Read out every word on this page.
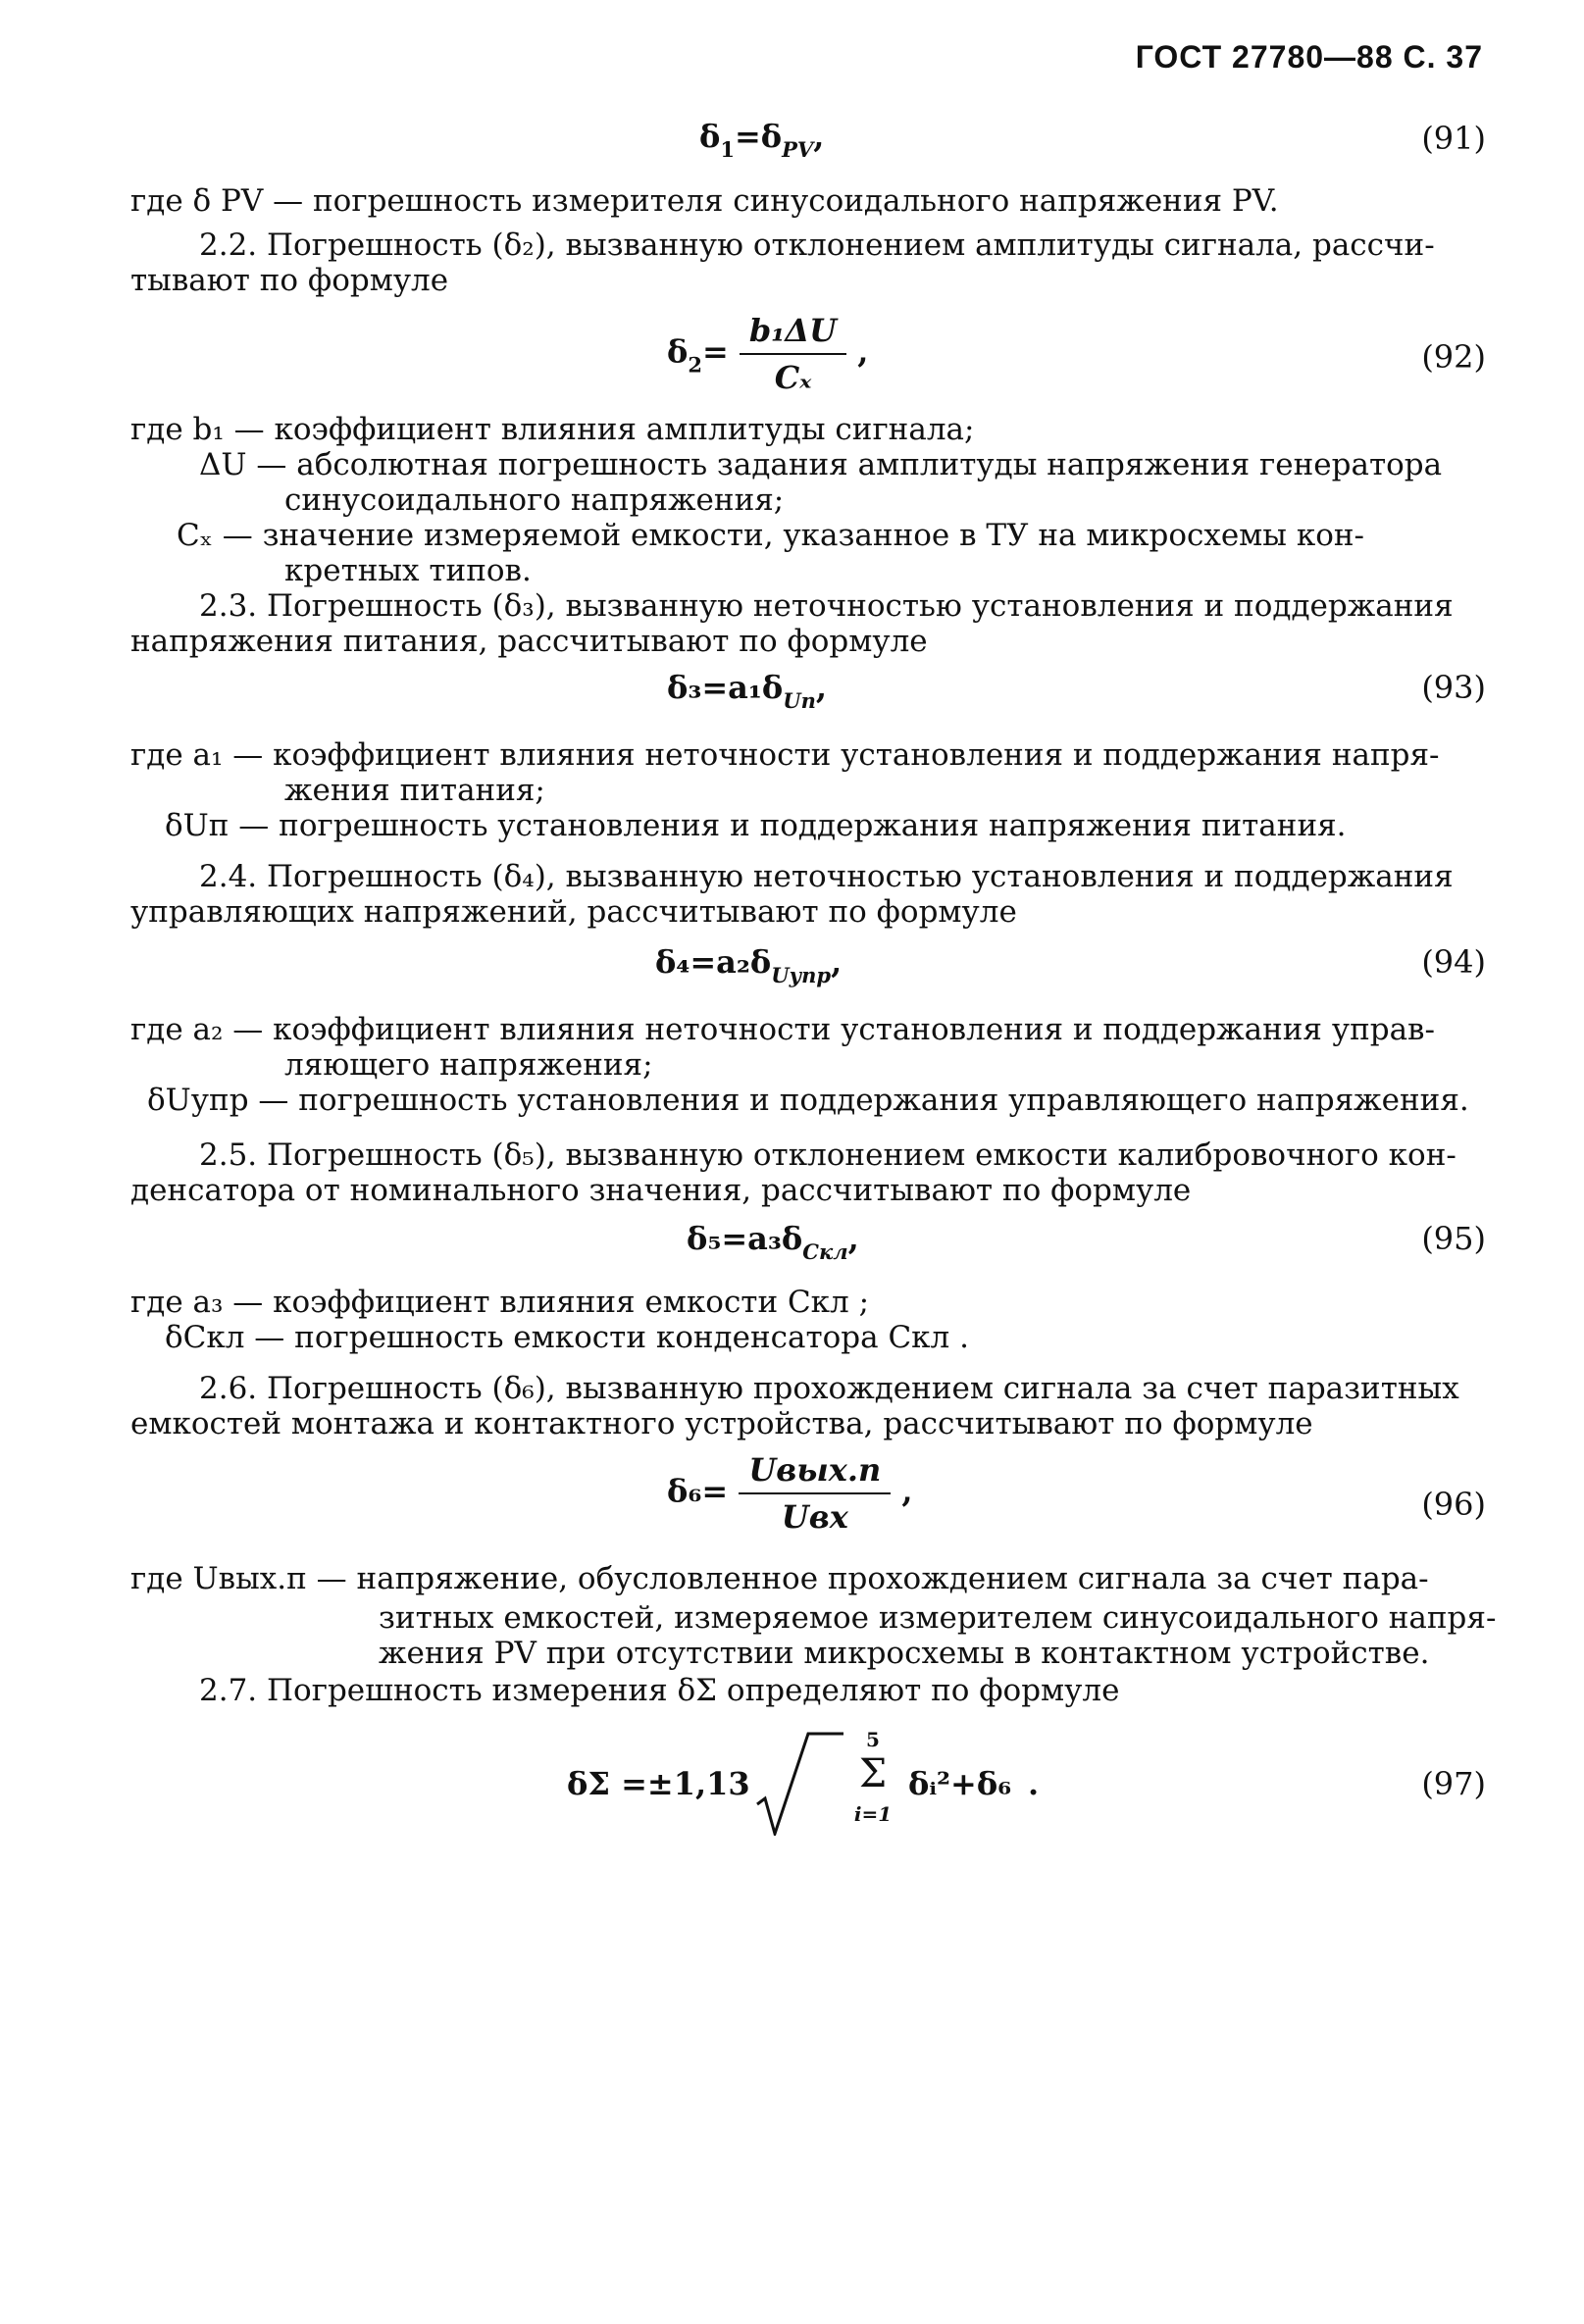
ГОСТ 27780—88 С. 37
$\delta_1=\delta_{PV}$,	(91)
где δ PV — погрешность измерителя синусоидального напряжения PV.
2.2. Погрешность (δ₂), вызванную отклонением амплитуды сигнала, рассчи-
тывают по формуле
$\delta_2= \frac{\text{b₁ΔU}}{\text{Cₓ}}$ ,	(92)
где b₁ — коэффициент влияния амплитуды сигнала;
ΔU — абсолютная погрешность задания амплитуды напряжения генератора
синусоидального напряжения;
Cₓ — значение измеряемой емкости, указанное в ТУ на микросхемы кон-
кретных типов.
2.3. Погрешность (δ₃), вызванную неточностью установления и поддержания
напряжения питания, рассчитывают по формуле
$\delta_3=a_1\delta_{Uп}$,	(93)
где a₁ — коэффициент влияния неточности установления и поддержания напря-
жения питания;
δUп — погрешность установления и поддержания напряжения питания.
2.4. Погрешность (δ₄), вызванную неточностью установления и поддержания
управляющих напряжений, рассчитывают по формуле
$\delta_4=a_2\delta_{Uупр}$,	(94)
где a₂ — коэффициент влияния неточности установления и поддержания управ-
ляющего напряжения;
δUупр — погрешность установления и поддержания управляющего напряжения.
2.5. Погрешность (δ₅), вызванную отклонением емкости калибровочного кон-
денсатора от номинального значения, рассчитывают по формуле
$\delta_5=a_3\delta_{Cкл}$,	(95)
где a₃ — коэффициент влияния емкости Cкл ;
δCкл — погрешность емкости конденсатора Cкл .
2.6. Погрешность (δ₆), вызванную прохождением сигнала за счет паразитных
емкостей монтажа и контактного устройства, рассчитывают по формуле
$\delta_6= \frac{\text{Uвых.п}}{\text{Uвх}}$ ,	(96)
где Uвых.п — напряжение, обусловленное прохождением сигнала за счет пара-
зитных емкостей, измеряемое измерителем синусоидального напря-
жения PV при отсутствии микросхемы в контактном устройстве.
2.7. Погрешность измерения δΣ определяют по формуле
δΣ =±1,13
5
Σ
i=1
δᵢ²+δ₆ .	(97)
